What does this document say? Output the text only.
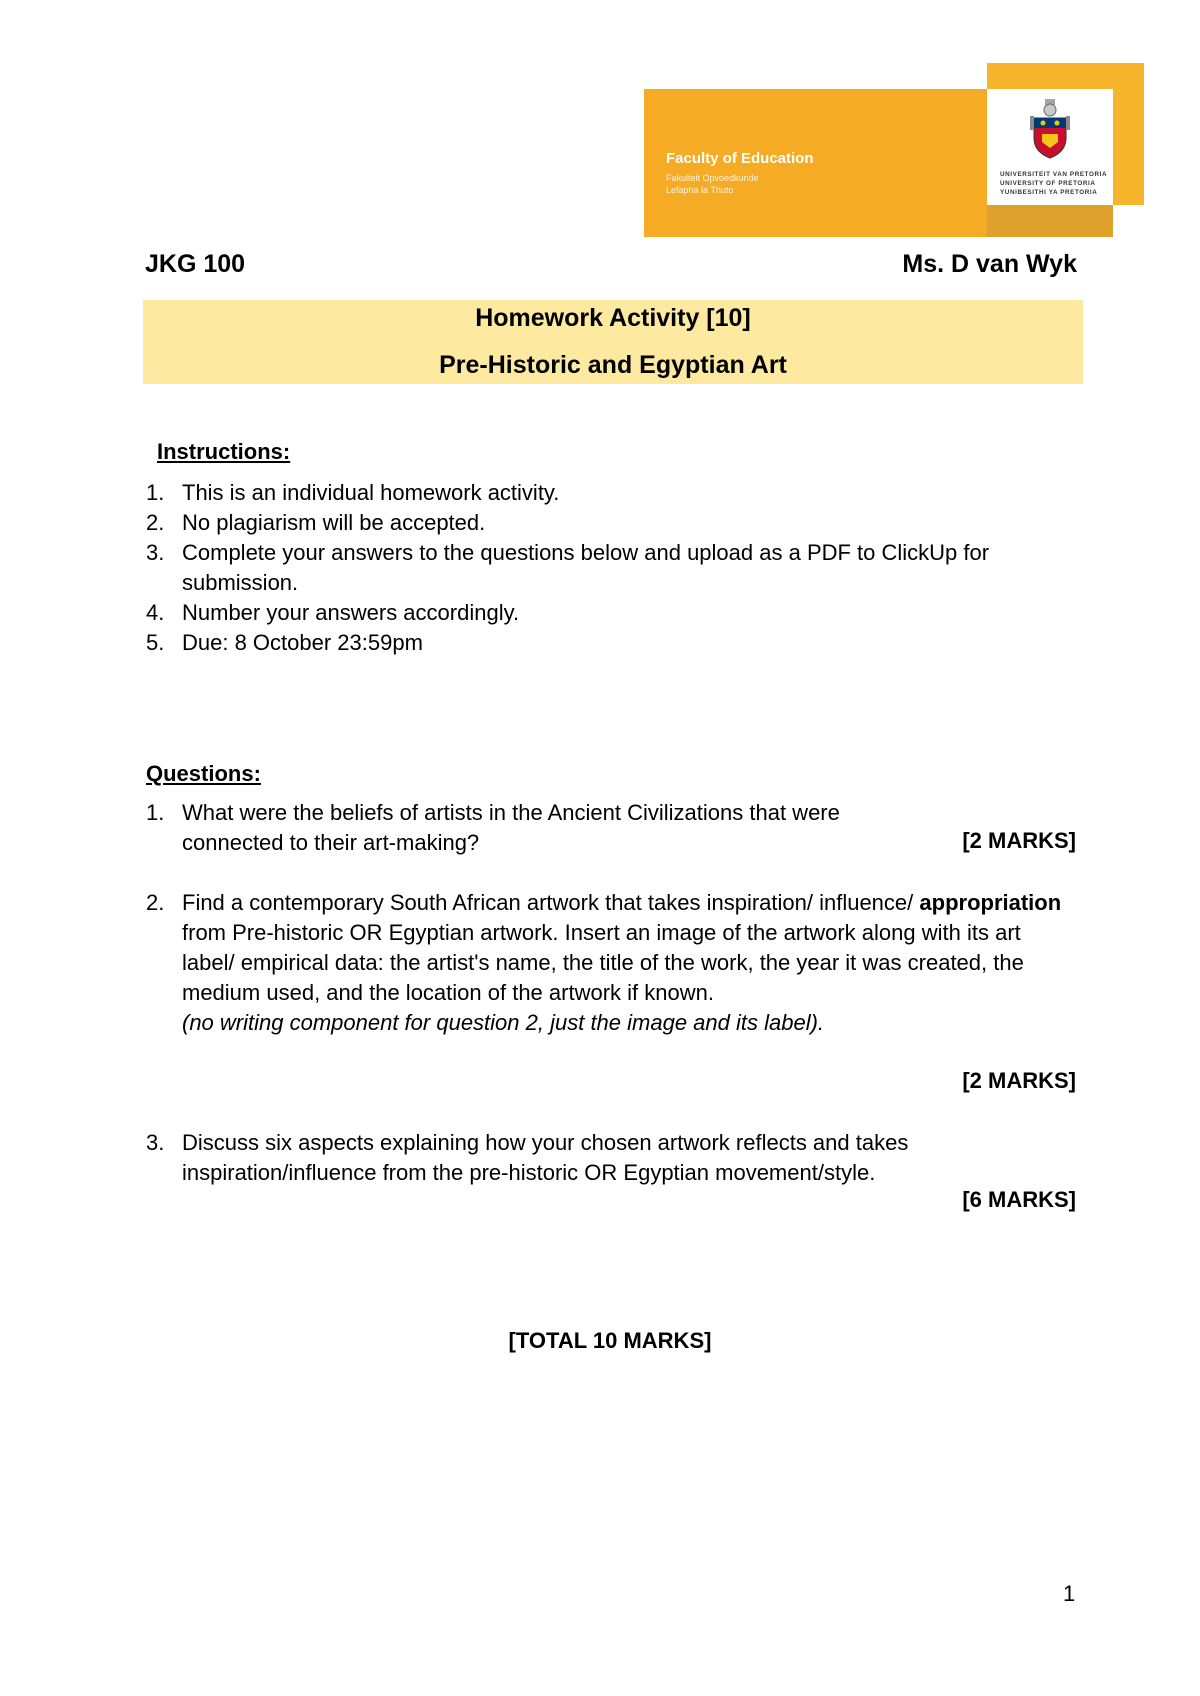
Faculty of Education
Fakulteit Opvoedkunde
Lefapha la Thuto
UNIVERSITEIT VAN PRETORIA
UNIVERSITY OF PRETORIA
YUNIBESITHI YA PRETORIA
JKG 100	Ms. D van Wyk
Homework Activity [10]
Pre-Historic and Egyptian Art
Instructions:
1. This is an individual homework activity.
2. No plagiarism will be accepted.
3. Complete your answers to the questions below and upload as a PDF to ClickUp for submission.
4. Number your answers accordingly.
5. Due: 8 October 23:59pm
Questions:
1. What were the beliefs of artists in the Ancient Civilizations that were connected to their art-making?	[2 MARKS]
2. Find a contemporary South African artwork that takes inspiration/ influence/ appropriation from Pre-historic OR Egyptian artwork. Insert an image of the artwork along with its art label/ empirical data: the artist's name, the title of the work, the year it was created, the medium used, and the location of the artwork if known.
(no writing component for question 2, just the image and its label).
[2 MARKS]
3. Discuss six aspects explaining how your chosen artwork reflects and takes inspiration/influence from the pre-historic OR Egyptian movement/style.
[6 MARKS]
[TOTAL 10 MARKS]
1
